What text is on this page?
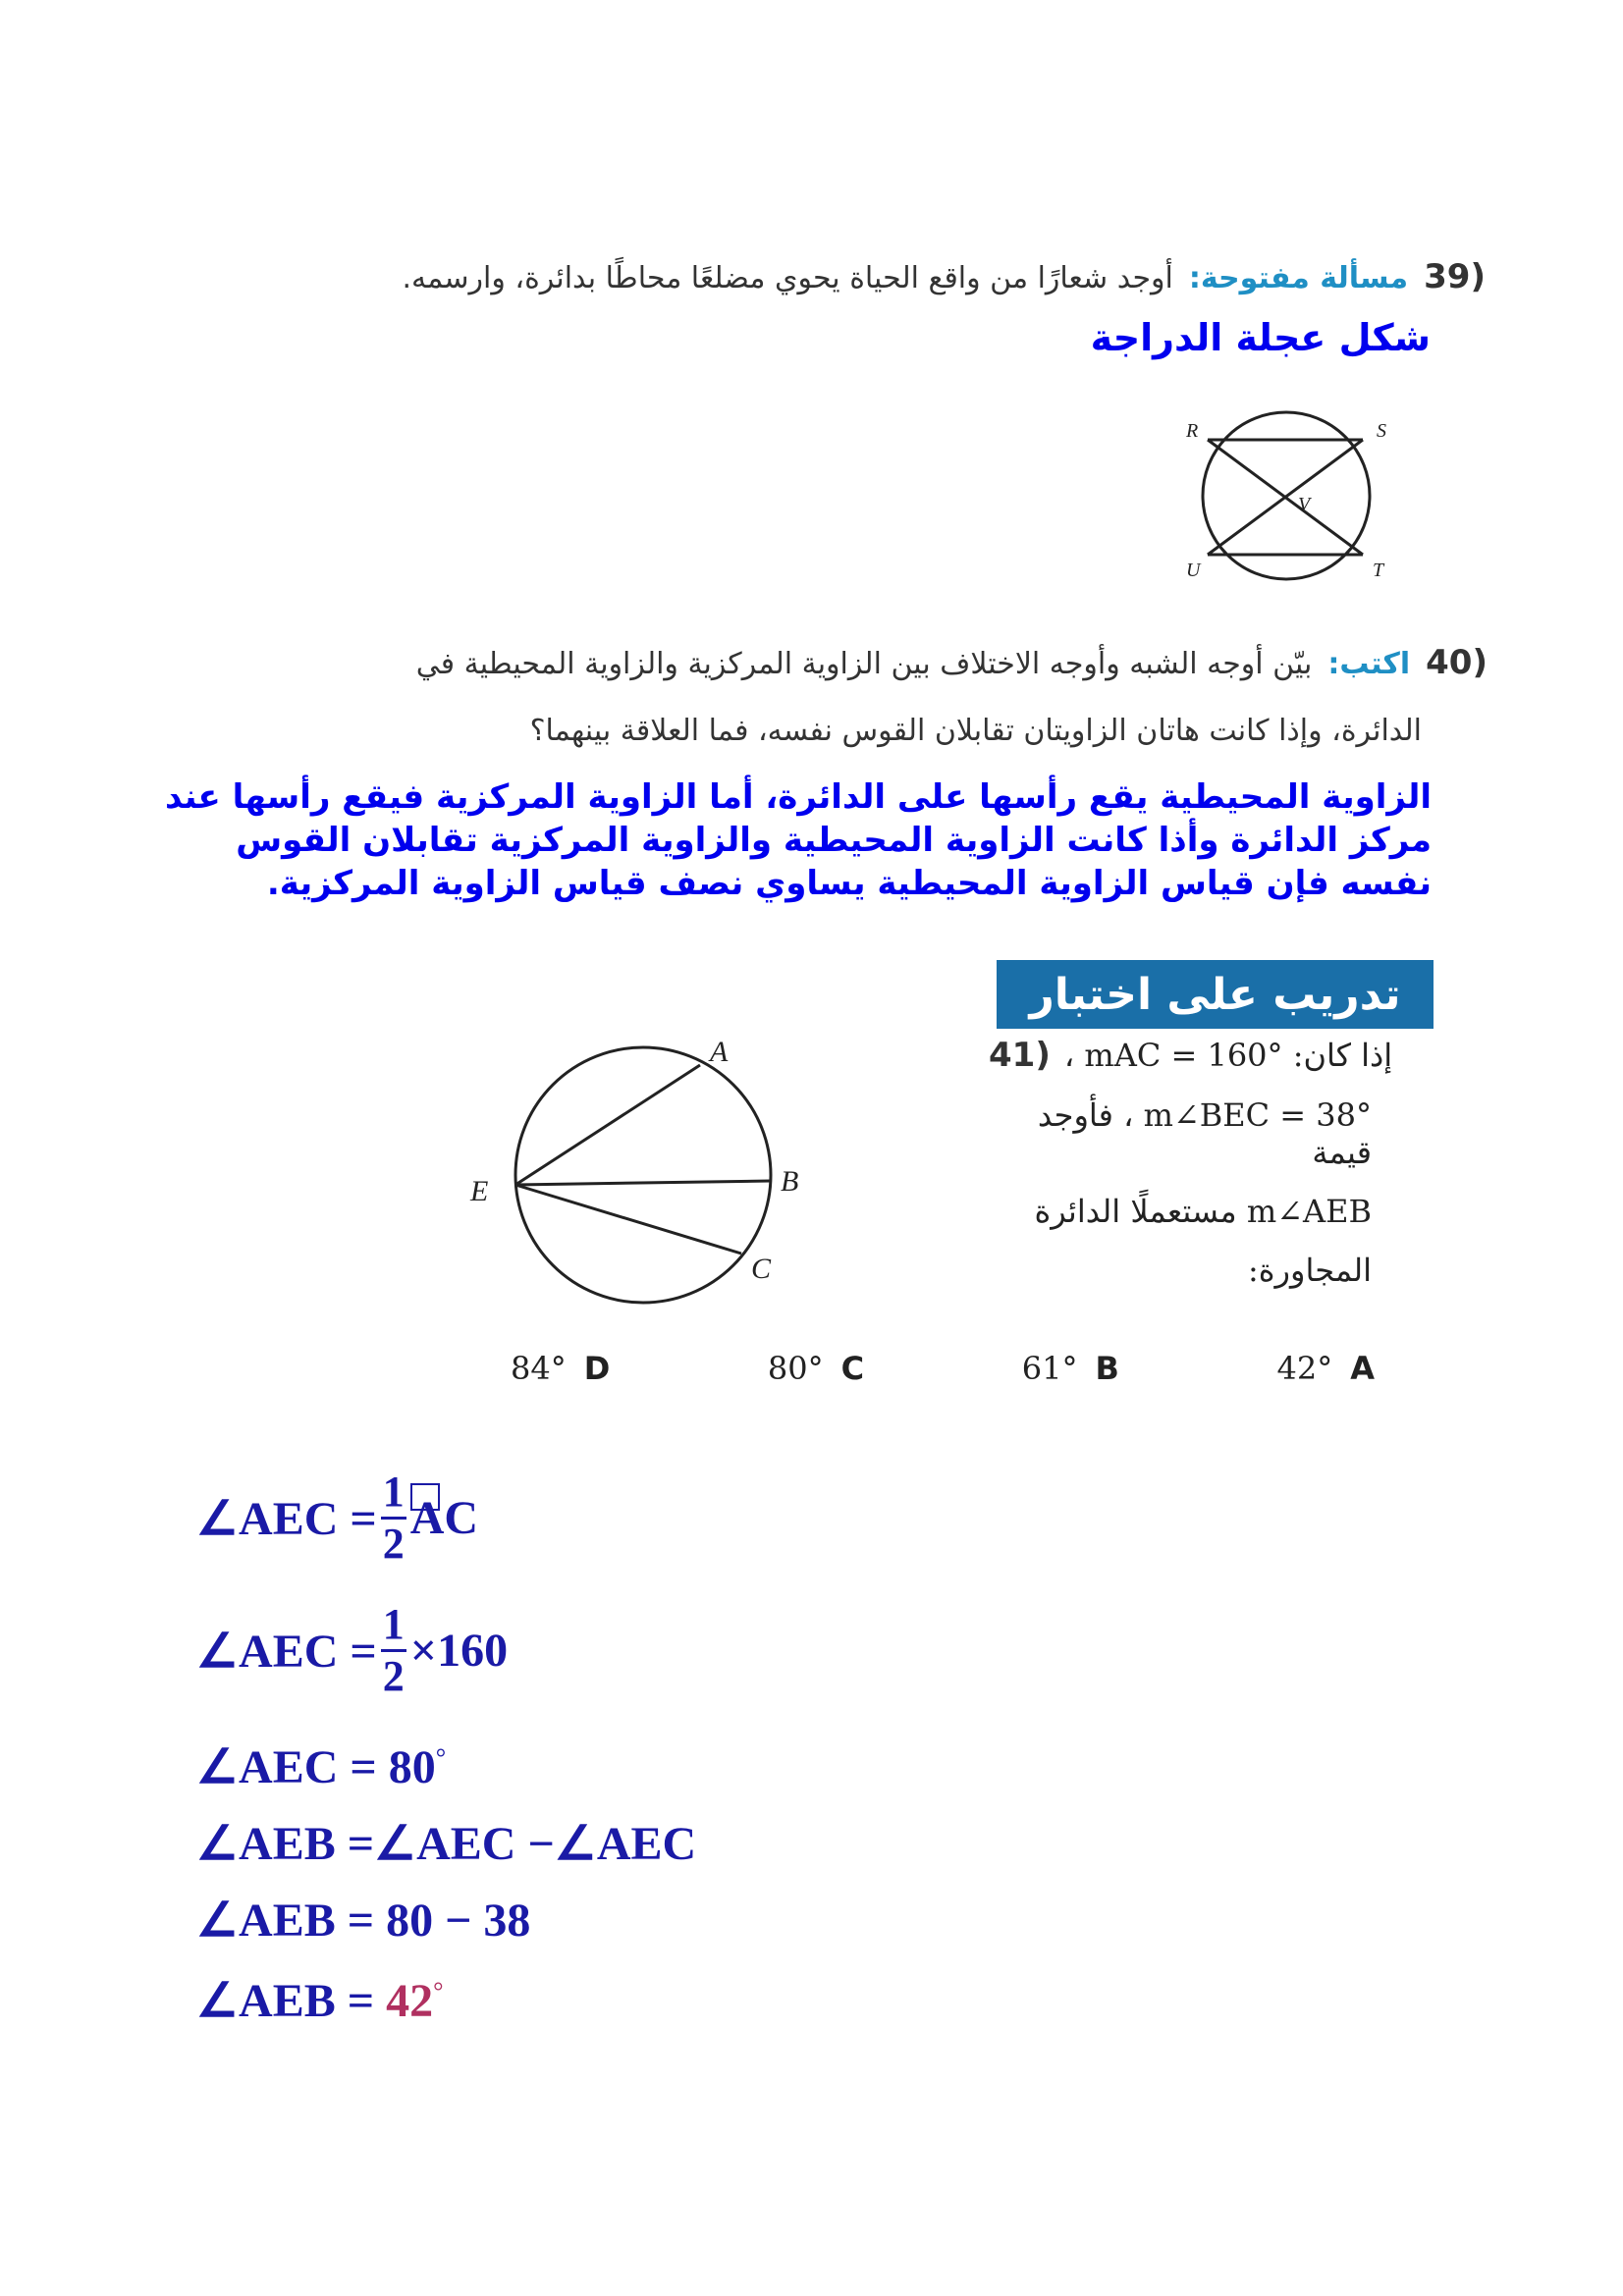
39)
مسألة مفتوحة:
أوجد شعارًا من واقع الحياة يحوي مضلعًا محاطًا بدائرة، وارسمه.
شكل عجلة الدراجة
R	S
V
U	T
40)
اكتب:
بيّن أوجه الشبه وأوجه الاختلاف بين الزاوية المركزية والزاوية المحيطية في
الدائرة، وإذا كانت هاتان الزاويتان تقابلان القوس نفسه، فما العلاقة بينهما؟
الزاوية المحيطية يقع رأسها على الدائرة، أما الزاوية المركزية فيقع رأسها عند
مركز الدائرة وأذا كانت الزاوية المحيطية والزاوية المركزية تقابلان القوس
نفسه فإن قياس الزاوية المحيطية يساوي نصف قياس الزاوية المركزية.
تدريب على اختبار
41) إذا كان: °mAC = 160 ،
°m∠BEC = 38 ، فأوجد قيمة
m∠AEB مستعملًا الدائرة
المجاورة:
A
B
C
E
A
42°
B
61°
C
80°
D
84°
∠AEC = $\frac{1}{2}$ AC
∠AEC = $\frac{1}{2} \times 160$
∠AEC = 80°
∠AEB =∠AEC −∠AEC
∠AEB = 80 − 38
∠AEB = 42°
